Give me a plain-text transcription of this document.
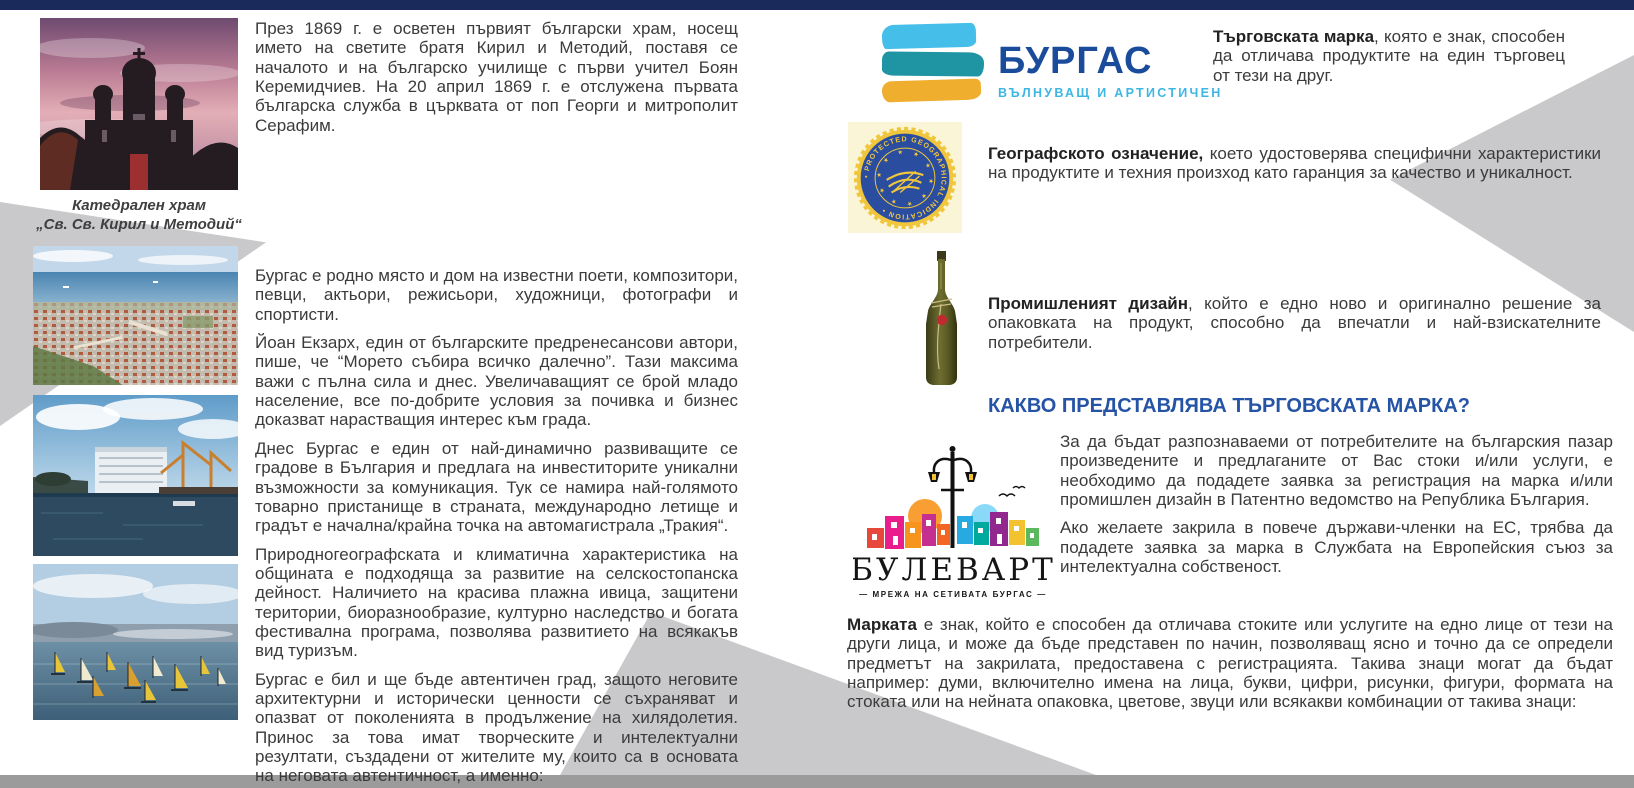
Катедрален храм
„Св. Св. Кирил и Методий“

През 1869 г. е осветен първият български храм, носещ името на светите братя Кирил и Методий, поставя се началото и на българско училище с първи учител Боян Керемидчиев. На 20 април 1869 г. е отслужена първата българска служба в църквата от поп Георги и митрополит Серафим.

Бургас е родно място и дом на известни поети, композитори, певци, актьори, режисьори, художници, фотографи и спортисти.

Йоан Екзарх, един от българските предренесансови автори, пише, че “Морето събира всичко далечно”. Тази максима важи с пълна сила и днес. Увеличаващият се брой младо население, все по-добрите условия за почивка и бизнес доказват нарастващия интерес към града.

Днес Бургас е един от най-динамично развиващите се градове в България и предлага на инвеститорите уникални възможности за комуникация. Тук се намира най-голямото товарно пристанище в страната, международно летище и градът е начална/крайна точка на автомагистрала „Тракия“.

Природногеографската и климатична характеристика на общината е подходяща за развитие на селскостопанска дейност. Наличието на красива плажна ивица, защитени територии, биоразнообразие, културно наследство и богата фестивална програма, позволява развитието на всякакъв вид туризъм.

Бургас е бил и ще бъде автентичен град, защото неговите архитектурни и исторически ценности се съхраняват и опазват от поколенията в продължение на хилядолетия. Принос за това имат творческите и интелектуални резултати, създадени от жителите му, които са в основата на неговата автентичност, а именно:

БУРГАС
ВЪЛНУВАЩ И АРТИСТИЧЕН

Търговската марка, която е знак, способен да отличава продуктите на един търговец от тези на друг.

• PROTECTED GEOGRAPHICAL INDICATION •
★ ★ ★ ★ ★ ★ ★ ★ ★ ★

Географското означение, което удостоверява специфични характеристики на продуктите и техния произход като гаранция за качество и уникалност.

Промишленият дизайн, който е едно ново и оригинално решение за опаковката на продукт, способно да впечатли и най-взискателните потребители.

КАКВО ПРЕДСТАВЛЯВА ТЪРГОВСКАТА МАРКА?
БУЛЕВАРТ
— МРЕЖА НА СЕТИВАТА БУРГАС —

За да бъдат разпознаваеми от потребителите на българския пазар произведените и предлаганите от Вас стоки и/или услуги, е необходимо да подадете заявка за регистрация на марка и/или промишлен дизайн в Патентно ведомство на Република България.

Ако желаете закрила в повече държави-членки на ЕС, трябва да подадете заявка за марка в Службата на Европейския съюз за интелектуална собственост.

Марката е знак, който е способен да отличава стоките или услугите на едно лице от тези на други лица, и може да бъде представен по начин, позволяващ ясно и точно да се определи предметът на закрилата, предоставена с регистрацията. Такива знаци могат да бъдат например: думи, включително имена на лица, букви, цифри, рисунки, фигури, формата на стоката или на нейната опаковка, цветове, звуци или всякакви комбинации от такива знаци:
